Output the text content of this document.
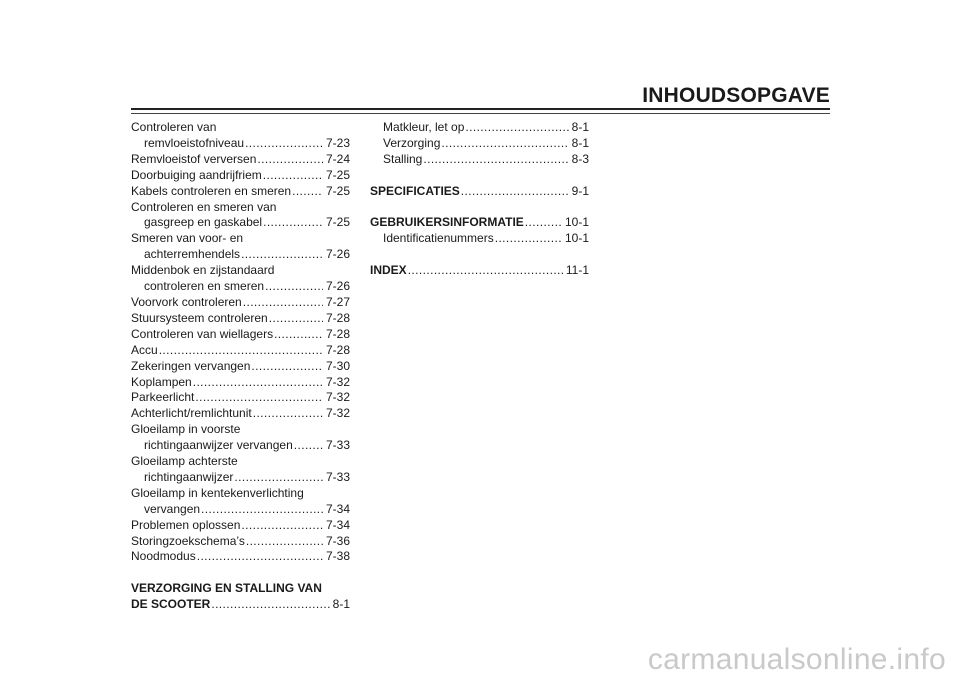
INHOUDSOPGAVE
Controleren van
remvloeistofniveau .....	7-23
Remvloeistof verversen .....	7-24
Doorbuiging aandrijfriem .....	7-25
Kabels controleren en smeren .....	7-25
Controleren en smeren van
gasgreep en gaskabel .....	7-25
Smeren van voor- en
achterremhendels .....	7-26
Middenbok en zijstandaard
controleren en smeren .....	7-26
Voorvork controleren .....	7-27
Stuursysteem controleren .....	7-28
Controleren van wiellagers .....	7-28
Accu .....	7-28
Zekeringen vervangen .....	7-30
Koplampen .....	7-32
Parkeerlicht .....	7-32
Achterlicht/remlichtunit .....	7-32
Gloeilamp in voorste
richtingaanwijzer vervangen .....	7-33
Gloeilamp achterste
richtingaanwijzer .....	7-33
Gloeilamp in kentekenverlichting
vervangen .....	7-34
Problemen oplossen .....	7-34
Storingzoekschema’s .....	7-36
Noodmodus .....	7-38
VERZORGING EN STALLING VAN
DE SCOOTER .....	8-1
Matkleur, let op .....	8-1
Verzorging .....	8-1
Stalling .....	8-3
SPECIFICATIES .....	9-1
GEBRUIKERSINFORMATIE .....	10-1
Identificatienummers .....	10-1
INDEX .....	11-1
carmanualsonline.info
